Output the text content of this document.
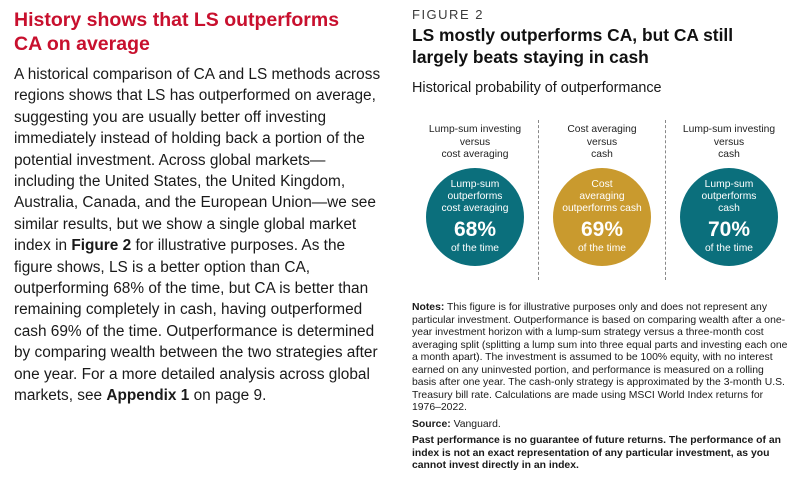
History shows that LS outperforms
CA on average

A historical comparison of CA and LS methods across regions shows that LS has outperformed on average, suggesting you are usually better off investing immediately instead of holding back a portion of the potential investment. Across global markets—including the United States, the United Kingdom, Australia, Canada, and the European Union—we see similar results, but we show a single global market index in Figure 2 for illustrative purposes. As the figure shows, LS is a better option than CA, outperforming 68% of the time, but CA is better than remaining completely in cash, having outperformed cash 69% of the time. Outperformance is determined by comparing wealth between the two strategies after one year. For a more detailed analysis across global markets, see Appendix 1 on page 9.

FIGURE 2
LS mostly outperforms CA, but CA still
largely beats staying in cash
Historical probability of outperformance
Lump-sum investing
versus
cost averaging
Lump-sum
outperforms
cost averaging
68%
of the time
Cost averaging
versus
cash
Cost
averaging
outperforms cash
69%
of the time
Lump-sum investing
versus
cash
Lump-sum
outperforms
cash
70%
of the time

Notes: This figure is for illustrative purposes only and does not represent any particular investment. Outperformance is based on comparing wealth after a one-year investment horizon with a lump-sum strategy versus a three-month cost averaging split (splitting a lump sum into three equal parts and investing each one a month apart). The investment is assumed to be 100% equity, with no interest earned on any uninvested portion, and performance is measured on a rolling basis after one year. The cash-only strategy is approximated by the 3-month U.S. Treasury bill rate. Calculations are made using MSCI World Index returns for 1976–2022.

Source: Vanguard.

Past performance is no guarantee of future returns. The performance of an index is not an exact representation of any particular investment, as you cannot invest directly in an index.
